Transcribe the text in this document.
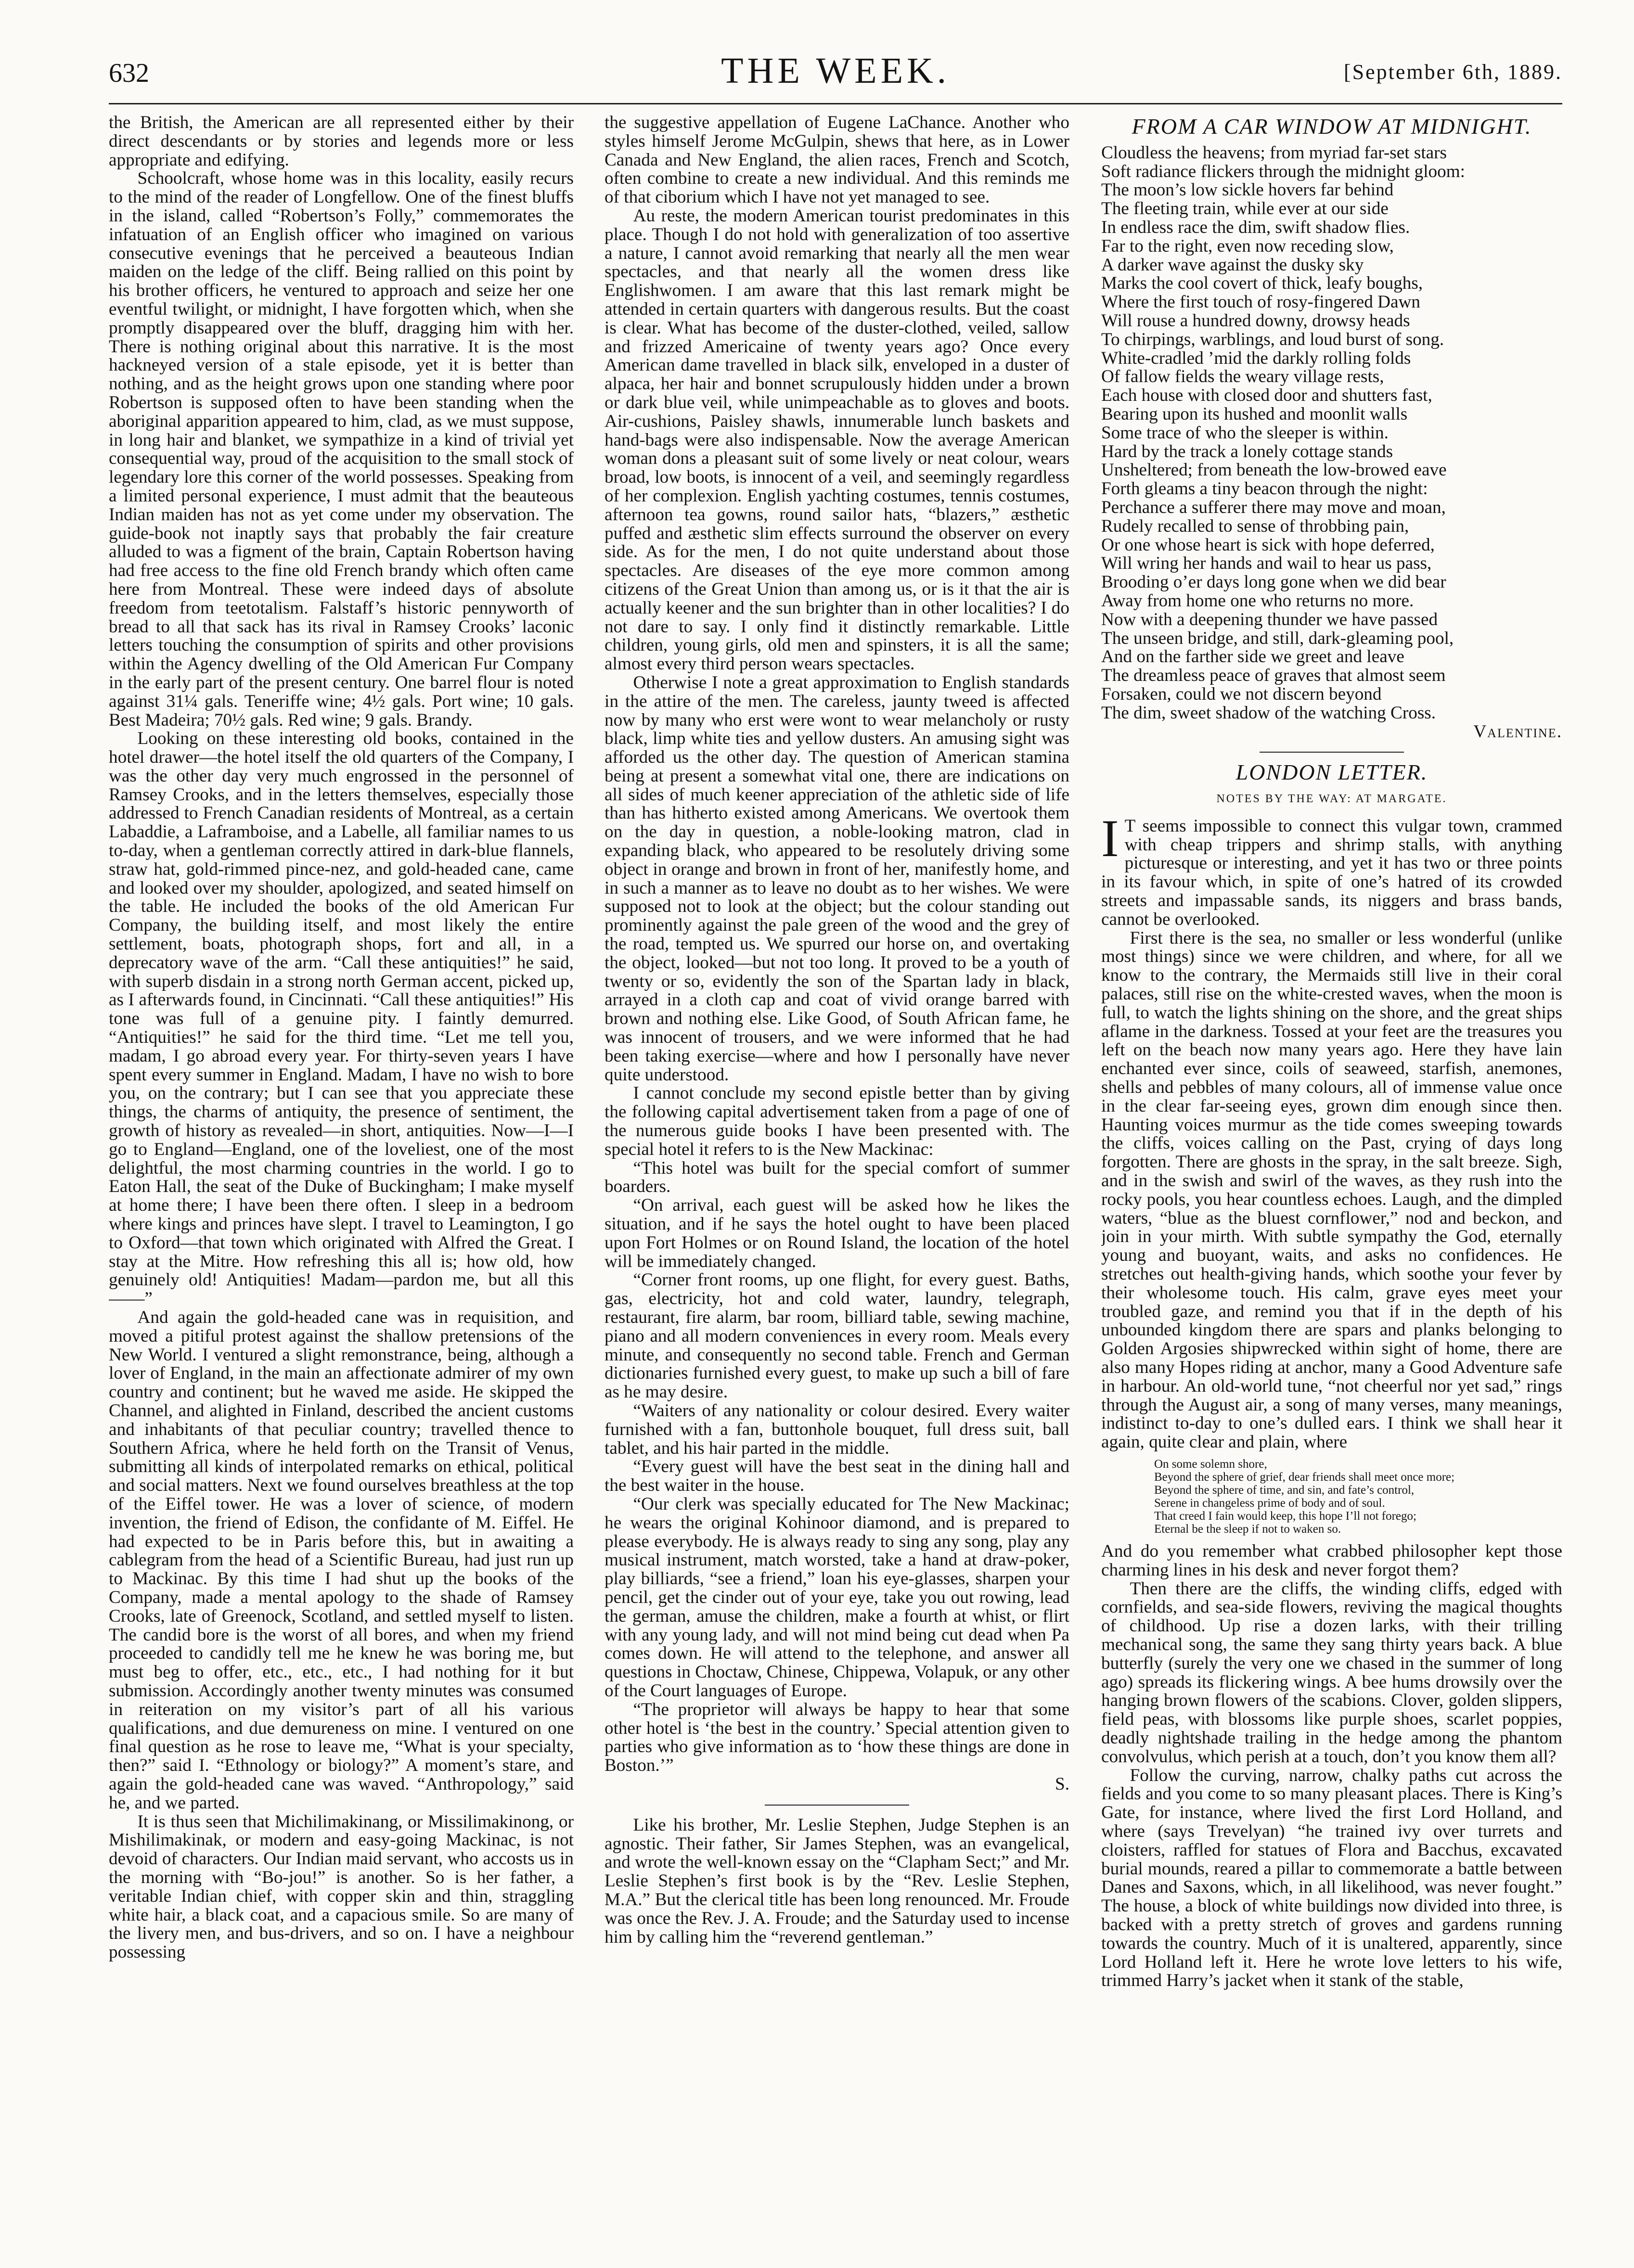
632	THE WEEK.	[September 6th, 1889.

the British, the American are all represented either by their direct descendants or by stories and legends more or less appropriate and edifying.

Schoolcraft, whose home was in this locality, easily recurs to the mind of the reader of Longfellow. One of the finest bluffs in the island, called “Robertson’s Folly,” commemorates the infatuation of an English officer who imagined on various consecutive evenings that he perceived a beauteous Indian maiden on the ledge of the cliff. Being rallied on this point by his brother officers, he ventured to approach and seize her one eventful twilight, or midnight, I have forgotten which, when she promptly disappeared over the bluff, dragging him with her. There is nothing original about this narrative. It is the most hackneyed version of a stale episode, yet it is better than nothing, and as the height grows upon one standing where poor Robertson is supposed often to have been standing when the aboriginal apparition appeared to him, clad, as we must suppose, in long hair and blanket, we sympathize in a kind of trivial yet consequential way, proud of the acquisition to the small stock of legendary lore this corner of the world possesses. Speaking from a limited personal experience, I must admit that the beauteous Indian maiden has not as yet come under my observation. The guide-book not inaptly says that probably the fair creature alluded to was a figment of the brain, Captain Robertson having had free access to the fine old French brandy which often came here from Montreal. These were indeed days of absolute freedom from teetotalism. Falstaff’s historic pennyworth of bread to all that sack has its rival in Ramsey Crooks’ laconic letters touching the consumption of spirits and other provisions within the Agency dwelling of the Old American Fur Company in the early part of the present century. One barrel flour is noted against 31¼ gals. Teneriffe wine; 4½ gals. Port wine; 10 gals. Best Madeira; 70½ gals. Red wine; 9 gals. Brandy.

Looking on these interesting old books, contained in the hotel drawer—the hotel itself the old quarters of the Company, I was the other day very much engrossed in the personnel of Ramsey Crooks, and in the letters themselves, especially those addressed to French Canadian residents of Montreal, as a certain Labaddie, a Laframboise, and a Labelle, all familiar names to us to-day, when a gentleman correctly attired in dark-blue flannels, straw hat, gold-rimmed pince-nez, and gold-headed cane, came and looked over my shoulder, apologized, and seated himself on the table. He included the books of the old American Fur Company, the building itself, and most likely the entire settlement, boats, photograph shops, fort and all, in a deprecatory wave of the arm. “Call these antiquities!” he said, with superb disdain in a strong north German accent, picked up, as I afterwards found, in Cincinnati. “Call these antiquities!” His tone was full of a genuine pity. I faintly demurred. “Antiquities!” he said for the third time. “Let me tell you, madam, I go abroad every year. For thirty-seven years I have spent every summer in England. Madam, I have no wish to bore you, on the contrary; but I can see that you appreciate these things, the charms of antiquity, the presence of sentiment, the growth of history as revealed—in short, antiquities. Now—I—I go to England—England, one of the loveliest, one of the most delightful, the most charming countries in the world. I go to Eaton Hall, the seat of the Duke of Buckingham; I make myself at home there; I have been there often. I sleep in a bedroom where kings and princes have slept. I travel to Leamington, I go to Oxford—that town which originated with Alfred the Great. I stay at the Mitre. How refreshing this all is; how old, how genuinely old! Antiquities! Madam—pardon me, but all this——”

And again the gold-headed cane was in requisition, and moved a pitiful protest against the shallow pretensions of the New World. I ventured a slight remonstrance, being, although a lover of England, in the main an affectionate admirer of my own country and continent; but he waved me aside. He skipped the Channel, and alighted in Finland, described the ancient customs and inhabitants of that peculiar country; travelled thence to Southern Africa, where he held forth on the Transit of Venus, submitting all kinds of interpolated remarks on ethical, political and social matters. Next we found ourselves breathless at the top of the Eiffel tower. He was a lover of science, of modern invention, the friend of Edison, the confidante of M. Eiffel. He had expected to be in Paris before this, but in awaiting a cablegram from the head of a Scientific Bureau, had just run up to Mackinac. By this time I had shut up the books of the Company, made a mental apology to the shade of Ramsey Crooks, late of Greenock, Scotland, and settled myself to listen. The candid bore is the worst of all bores, and when my friend proceeded to candidly tell me he knew he was boring me, but must beg to offer, etc., etc., etc., I had nothing for it but submission. Accordingly another twenty minutes was consumed in reiteration on my visitor’s part of all his various qualifications, and due demureness on mine. I ventured on one final question as he rose to leave me, “What is your specialty, then?” said I. “Ethnology or biology?” A moment’s stare, and again the gold-headed cane was waved. “Anthropology,” said he, and we parted.

It is thus seen that Michilimakinang, or Missilimakinong, or Mishilimakinak, or modern and easy-going Mackinac, is not devoid of characters. Our Indian maid servant, who accosts us in the morning with “Bo-jou!” is another. So is her father, a veritable Indian chief, with copper skin and thin, straggling white hair, a black coat, and a capacious smile. So are many of the livery men, and bus-drivers, and so on. I have a neighbour possessing

the suggestive appellation of Eugene LaChance. Another who styles himself Jerome McGulpin, shews that here, as in Lower Canada and New England, the alien races, French and Scotch, often combine to create a new individual. And this reminds me of that ciborium which I have not yet managed to see.

Au reste, the modern American tourist predominates in this place. Though I do not hold with generalization of too assertive a nature, I cannot avoid remarking that nearly all the men wear spectacles, and that nearly all the women dress like Englishwomen. I am aware that this last remark might be attended in certain quarters with dangerous results. But the coast is clear. What has become of the duster-clothed, veiled, sallow and frizzed Americaine of twenty years ago? Once every American dame travelled in black silk, enveloped in a duster of alpaca, her hair and bonnet scrupulously hidden under a brown or dark blue veil, while unimpeachable as to gloves and boots. Air-cushions, Paisley shawls, innumerable lunch baskets and hand-bags were also indispensable. Now the average American woman dons a pleasant suit of some lively or neat colour, wears broad, low boots, is innocent of a veil, and seemingly regardless of her complexion. English yachting costumes, tennis costumes, afternoon tea gowns, round sailor hats, “blazers,” æsthetic puffed and æsthetic slim effects surround the observer on every side. As for the men, I do not quite understand about those spectacles. Are diseases of the eye more common among citizens of the Great Union than among us, or is it that the air is actually keener and the sun brighter than in other localities? I do not dare to say. I only find it distinctly remarkable. Little children, young girls, old men and spinsters, it is all the same; almost every third person wears spectacles.

Otherwise I note a great approximation to English standards in the attire of the men. The careless, jaunty tweed is affected now by many who erst were wont to wear melancholy or rusty black, limp white ties and yellow dusters. An amusing sight was afforded us the other day. The question of American stamina being at present a somewhat vital one, there are indications on all sides of much keener appreciation of the athletic side of life than has hitherto existed among Americans. We overtook them on the day in question, a noble-looking matron, clad in expanding black, who appeared to be resolutely driving some object in orange and brown in front of her, manifestly home, and in such a manner as to leave no doubt as to her wishes. We were supposed not to look at the object; but the colour standing out prominently against the pale green of the wood and the grey of the road, tempted us. We spurred our horse on, and overtaking the object, looked—but not too long. It proved to be a youth of twenty or so, evidently the son of the Spartan lady in black, arrayed in a cloth cap and coat of vivid orange barred with brown and nothing else. Like Good, of South African fame, he was innocent of trousers, and we were informed that he had been taking exercise—where and how I personally have never quite understood.

I cannot conclude my second epistle better than by giving the following capital advertisement taken from a page of one of the numerous guide books I have been presented with. The special hotel it refers to is the New Mackinac:

“This hotel was built for the special comfort of summer boarders.

“On arrival, each guest will be asked how he likes the situation, and if he says the hotel ought to have been placed upon Fort Holmes or on Round Island, the location of the hotel will be immediately changed.

“Corner front rooms, up one flight, for every guest. Baths, gas, electricity, hot and cold water, laundry, telegraph, restaurant, fire alarm, bar room, billiard table, sewing machine, piano and all modern conveniences in every room. Meals every minute, and consequently no second table. French and German dictionaries furnished every guest, to make up such a bill of fare as he may desire.

“Waiters of any nationality or colour desired. Every waiter furnished with a fan, buttonhole bouquet, full dress suit, ball tablet, and his hair parted in the middle.

“Every guest will have the best seat in the dining hall and the best waiter in the house.

“Our clerk was specially educated for The New Mackinac; he wears the original Kohinoor diamond, and is prepared to please everybody. He is always ready to sing any song, play any musical instrument, match worsted, take a hand at draw-poker, play billiards, “see a friend,” loan his eye-glasses, sharpen your pencil, get the cinder out of your eye, take you out rowing, lead the german, amuse the children, make a fourth at whist, or flirt with any young lady, and will not mind being cut dead when Pa comes down. He will attend to the telephone, and answer all questions in Choctaw, Chinese, Chippewa, Volapuk, or any other of the Court languages of Europe.

“The proprietor will always be happy to hear that some other hotel is ‘the best in the country.’ Special attention given to parties who give information as to ‘how these things are done in Boston.’”

S.

Like his brother, Mr. Leslie Stephen, Judge Stephen is an agnostic. Their father, Sir James Stephen, was an evangelical, and wrote the well-known essay on the “Clapham Sect;” and Mr. Leslie Stephen’s first book is by the “Rev. Leslie Stephen, M.A.” But the clerical title has been long renounced. Mr. Froude was once the Rev. J. A. Froude; and the Saturday used to incense him by calling him the “reverend gentleman.”

FROM A CAR WINDOW AT MIDNIGHT.
Cloudless the heavens; from myriad far-set stars
Soft radiance flickers through the midnight gloom:
The moon’s low sickle hovers far behind
The fleeting train, while ever at our side
In endless race the dim, swift shadow flies.
Far to the right, even now receding slow,
A darker wave against the dusky sky
Marks the cool covert of thick, leafy boughs,
Where the first touch of rosy-fingered Dawn
Will rouse a hundred downy, drowsy heads
To chirpings, warblings, and loud burst of song.
White-cradled ’mid the darkly rolling folds
Of fallow fields the weary village rests,
Each house with closed door and shutters fast,
Bearing upon its hushed and moonlit walls
Some trace of who the sleeper is within.
Hard by the track a lonely cottage stands
Unsheltered; from beneath the low-browed eave
Forth gleams a tiny beacon through the night:
Perchance a sufferer there may move and moan,
Rudely recalled to sense of throbbing pain,
Or one whose heart is sick with hope deferred,
Will wring her hands and wail to hear us pass,
Brooding o’er days long gone when we did bear
Away from home one who returns no more.
Now with a deepening thunder we have passed
The unseen bridge, and still, dark-gleaming pool,
And on the farther side we greet and leave
The dreamless peace of graves that almost seem
Forsaken, could we not discern beyond
The dim, sweet shadow of the watching Cross.
Valentine.
LONDON LETTER.
NOTES BY THE WAY: AT MARGATE.

I T seems impossible to connect this vulgar town, crammed with cheap trippers and shrimp stalls, with anything picturesque or interesting, and yet it has two or three points in its favour which, in spite of one’s hatred of its crowded streets and impassable sands, its niggers and brass bands, cannot be overlooked.

First there is the sea, no smaller or less wonderful (unlike most things) since we were children, and where, for all we know to the contrary, the Mermaids still live in their coral palaces, still rise on the white-crested waves, when the moon is full, to watch the lights shining on the shore, and the great ships aflame in the darkness. Tossed at your feet are the treasures you left on the beach now many years ago. Here they have lain enchanted ever since, coils of seaweed, starfish, anemones, shells and pebbles of many colours, all of immense value once in the clear far-seeing eyes, grown dim enough since then. Haunting voices murmur as the tide comes sweeping towards the cliffs, voices calling on the Past, crying of days long forgotten. There are ghosts in the spray, in the salt breeze. Sigh, and in the swish and swirl of the waves, as they rush into the rocky pools, you hear countless echoes. Laugh, and the dimpled waters, “blue as the bluest cornflower,” nod and beckon, and join in your mirth. With subtle sympathy the God, eternally young and buoyant, waits, and asks no confidences. He stretches out health-giving hands, which soothe your fever by their wholesome touch. His calm, grave eyes meet your troubled gaze, and remind you that if in the depth of his unbounded kingdom there are spars and planks belonging to Golden Argosies shipwrecked within sight of home, there are also many Hopes riding at anchor, many a Good Adventure safe in harbour. An old-world tune, “not cheerful nor yet sad,” rings through the August air, a song of many verses, many meanings, indistinct to-day to one’s dulled ears. I think we shall hear it again, quite clear and plain, where

On some solemn shore,
Beyond the sphere of grief, dear friends shall meet once more;
Beyond the sphere of time, and sin, and fate’s control,
Serene in changeless prime of body and of soul.
That creed I fain would keep, this hope I’ll not forego;
Eternal be the sleep if not to waken so.

And do you remember what crabbed philosopher kept those charming lines in his desk and never forgot them?

Then there are the cliffs, the winding cliffs, edged with cornfields, and sea-side flowers, reviving the magical thoughts of childhood. Up rise a dozen larks, with their trilling mechanical song, the same they sang thirty years back. A blue butterfly (surely the very one we chased in the summer of long ago) spreads its flickering wings. A bee hums drowsily over the hanging brown flowers of the scabions. Clover, golden slippers, field peas, with blossoms like purple shoes, scarlet poppies, deadly nightshade trailing in the hedge among the phantom convolvulus, which perish at a touch, don’t you know them all?

Follow the curving, narrow, chalky paths cut across the fields and you come to so many pleasant places. There is King’s Gate, for instance, where lived the first Lord Holland, and where (says Trevelyan) “he trained ivy over turrets and cloisters, raffled for statues of Flora and Bacchus, excavated burial mounds, reared a pillar to commemorate a battle between Danes and Saxons, which, in all likelihood, was never fought.” The house, a block of white buildings now divided into three, is backed with a pretty stretch of groves and gardens running towards the country. Much of it is unaltered, apparently, since Lord Holland left it. Here he wrote love letters to his wife, trimmed Harry’s jacket when it stank of the stable,
